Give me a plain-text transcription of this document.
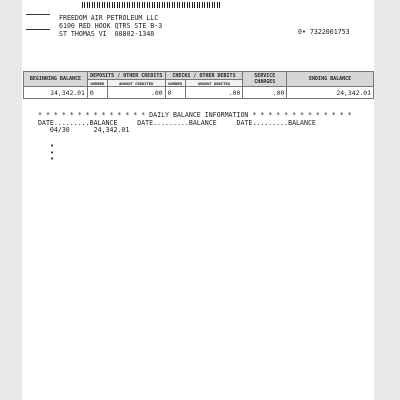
FREEDOM AIR PETROLEUM LLC
6100 RED HOOK QTRS STE B-3
ST THOMAS VI  00802-1348	0• 7322001753
BEGINNING BALANCE	DEPOSITS / OTHER CREDITS		CHECKS / OTHER DEBITS		SERVICE CHARGES	ENDING BALANCE
	NUMBER	AMOUNT CREDITED	NUMBER	AMOUNT DEBITED		
24,342.01	0	.00	0	.00	.00	24,342.01
* * * * * * * * * * * * * * DAILY BALANCE INFORMATION * * * * * * * * * * * * *
DATE.........BALANCE     DATE.........BALANCE     DATE.........BALANCE
04/30	24,342.01
•
•
•
